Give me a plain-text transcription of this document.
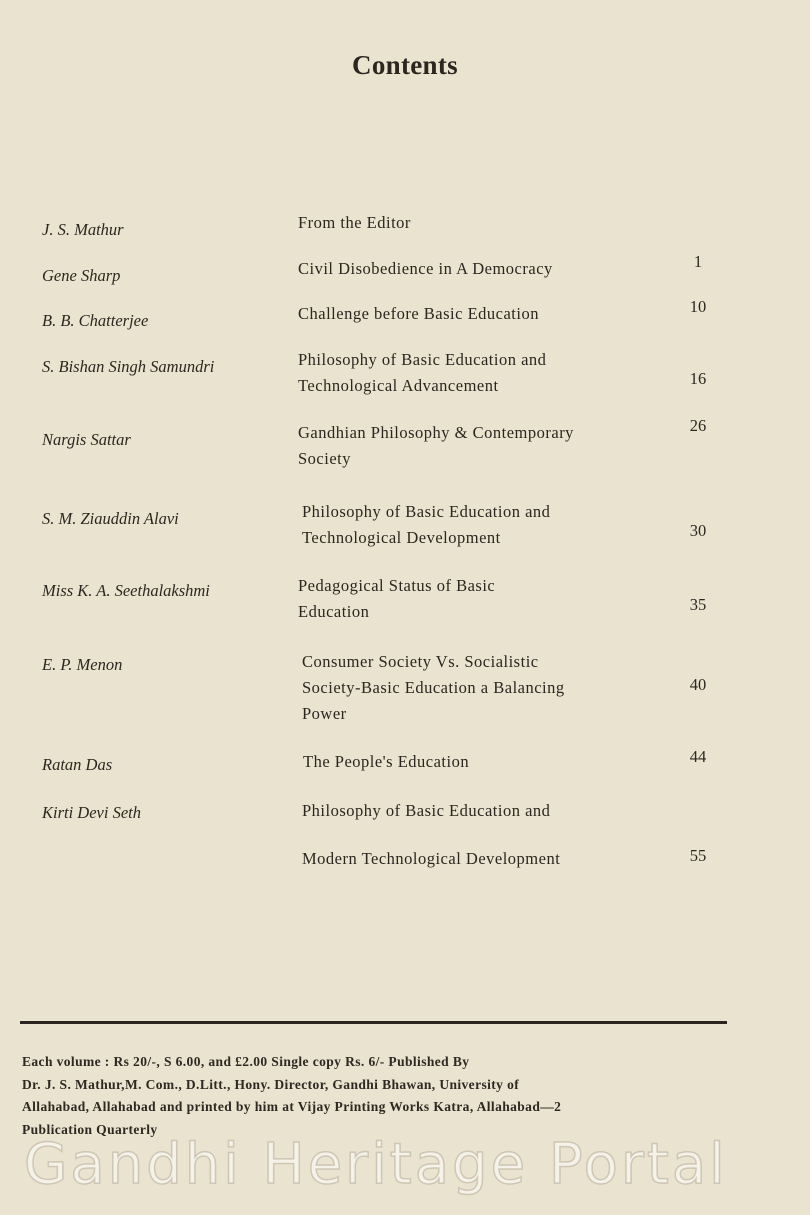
Contents
J. S. Mathur	From the Editor
Gene Sharp	Civil Disobedience in A Democracy	1
B. B. Chatterjee	Challenge before Basic Education	10
S. Bishan Singh Samundri	Philosophy of Basic Education and
Technological Advancement	16
Nargis Sattar	Gandhian Philosophy & Contemporary
Society
26
S. M. Ziauddin Alavi	Philosophy of Basic Education and
Technological Development	30
Miss K. A. Seethalakshmi	Pedagogical Status of Basic
Education	35
E. P. Menon	Consumer Society Vs. Socialistic
Society-Basic Education a Balancing
Power
40
Ratan Das	The People's Education	44
Kirti Devi Seth	Philosophy of Basic Education and
Modern Technological Development	55
Each volume : Rs 20/-, S 6.00, and £2.00 Single copy Rs. 6/- Published By
Dr. J. S. Mathur,M. Com., D.Litt., Hony. Director, Gandhi Bhawan, University of
Allahabad, Allahabad and printed by him at Vijay Printing Works Katra, Allahabad—2
Publication Quarterly
Gandhi Heritage Portal
